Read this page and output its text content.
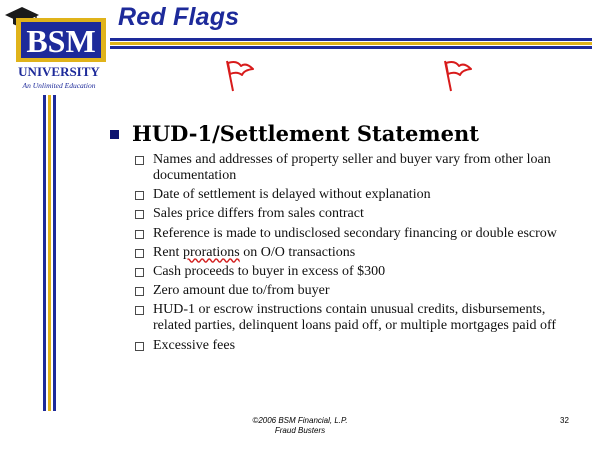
BSM
UNIVERSITY
An Unlimited Education
Red Flags
HUD-1/Settlement Statement
Names and addresses of property seller and buyer vary from other loan documentation
Date of settlement is delayed without explanation
Sales price differs from sales contract
Reference is made to undisclosed secondary financing or double escrow
Rent prorations on O/O transactions
Cash proceeds to buyer in excess of $300
Zero amount due to/from buyer
HUD-1 or escrow instructions contain unusual credits, disbursements, related parties, delinquent loans paid off, or multiple mortgages paid off
Excessive fees
©2006 BSM Financial, L.P.
Fraud Busters
32
